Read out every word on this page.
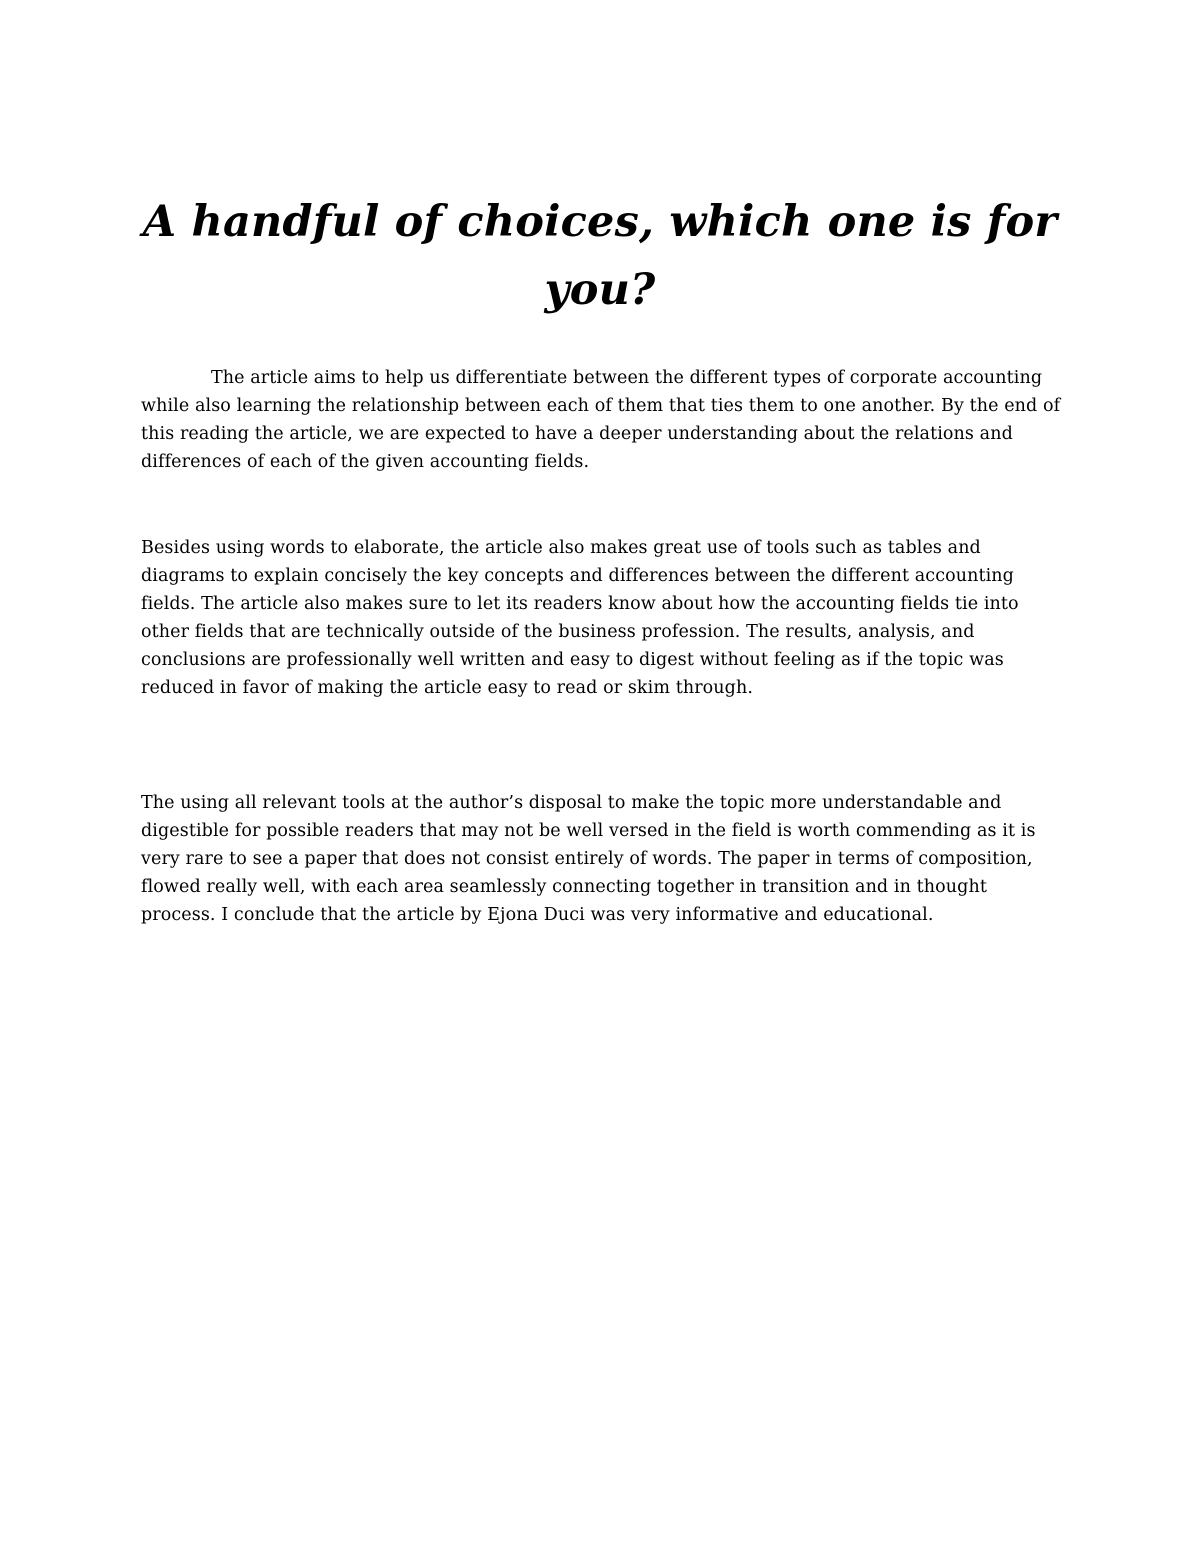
A handful of choices, which one is for you?

The article aims to help us differentiate between the different types of corporate accounting while also learning the relationship between each of them that ties them to one another. By the end of this reading the article, we are expected to have a deeper understanding about the relations and differences of each of the given accounting fields.

Besides using words to elaborate, the article also makes great use of tools such as tables and diagrams to explain concisely the key concepts and differences between the different accounting fields. The article also makes sure to let its readers know about how the accounting fields tie into other fields that are technically outside of the business profession. The results, analysis, and conclusions are professionally well written and easy to digest without feeling as if the topic was reduced in favor of making the article easy to read or skim through.

The using all relevant tools at the author’s disposal to make the topic more understandable and digestible for possible readers that may not be well versed in the field is worth commending as it is very rare to see a paper that does not consist entirely of words. The paper in terms of composition, flowed really well, with each area seamlessly connecting together in transition and in thought process. I conclude that the article by Ejona Duci was very informative and educational.
